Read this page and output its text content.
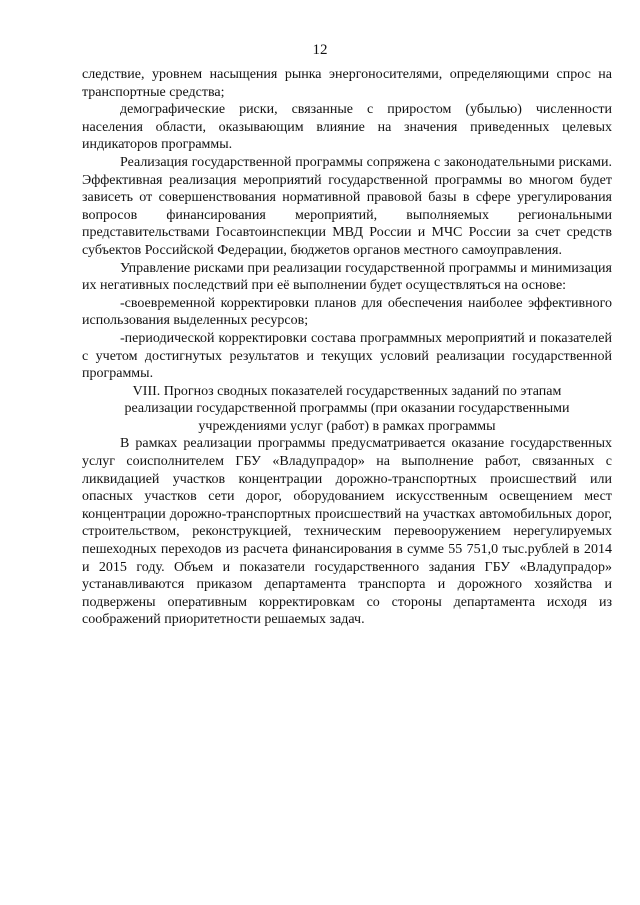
12

следствие, уровнем насыщения рынка энергоносителями, определяющими спрос на транспортные средства;

демографические риски, связанные с приростом (убылью) численности населения области, оказывающим влияние на значения приведенных целевых индикаторов программы.

Реализация государственной программы сопряжена с законодательными рисками. Эффективная реализация мероприятий государственной программы во многом будет зависеть от совершенствования нормативной правовой базы в сфере урегулирования вопросов финансирования мероприятий, выполняемых региональными представительствами Госавтоинспекции МВД России и МЧС России за счет средств субъектов Российской Федерации, бюджетов органов местного самоуправления.

Управление рисками при реализации государственной программы и минимизация их негативных последствий при её выполнении будет осуществляться на основе:

-своевременной корректировки планов для обеспечения наиболее эффективного использования выделенных ресурсов;

-периодической корректировки состава программных мероприятий и показателей с учетом достигнутых результатов и текущих условий реализации государственной программы.

VIII. Прогноз сводных показателей государственных заданий по этапам
реализации государственной программы (при оказании государственными
учреждениями услуг (работ) в рамках программы

В рамках реализации программы предусматривается оказание государственных услуг соисполнителем ГБУ «Владупрадор» на выполнение работ, связанных с ликвидацией участков концентрации дорожно-транспортных происшествий или опасных участков сети дорог, оборудованием искусственным освещением мест концентрации дорожно-транспортных происшествий на участках автомобильных дорог, строительством, реконструкцией, техническим перевооружением нерегулируемых пешеходных переходов из расчета финансирования в сумме 55 751,0 тыс.рублей в 2014 и 2015 году. Объем и показатели государственного задания ГБУ «Владупрадор» устанавливаются приказом департамента транспорта и дорожного хозяйства и подвержены оперативным корректировкам со стороны департамента исходя из соображений приоритетности решаемых задач.
